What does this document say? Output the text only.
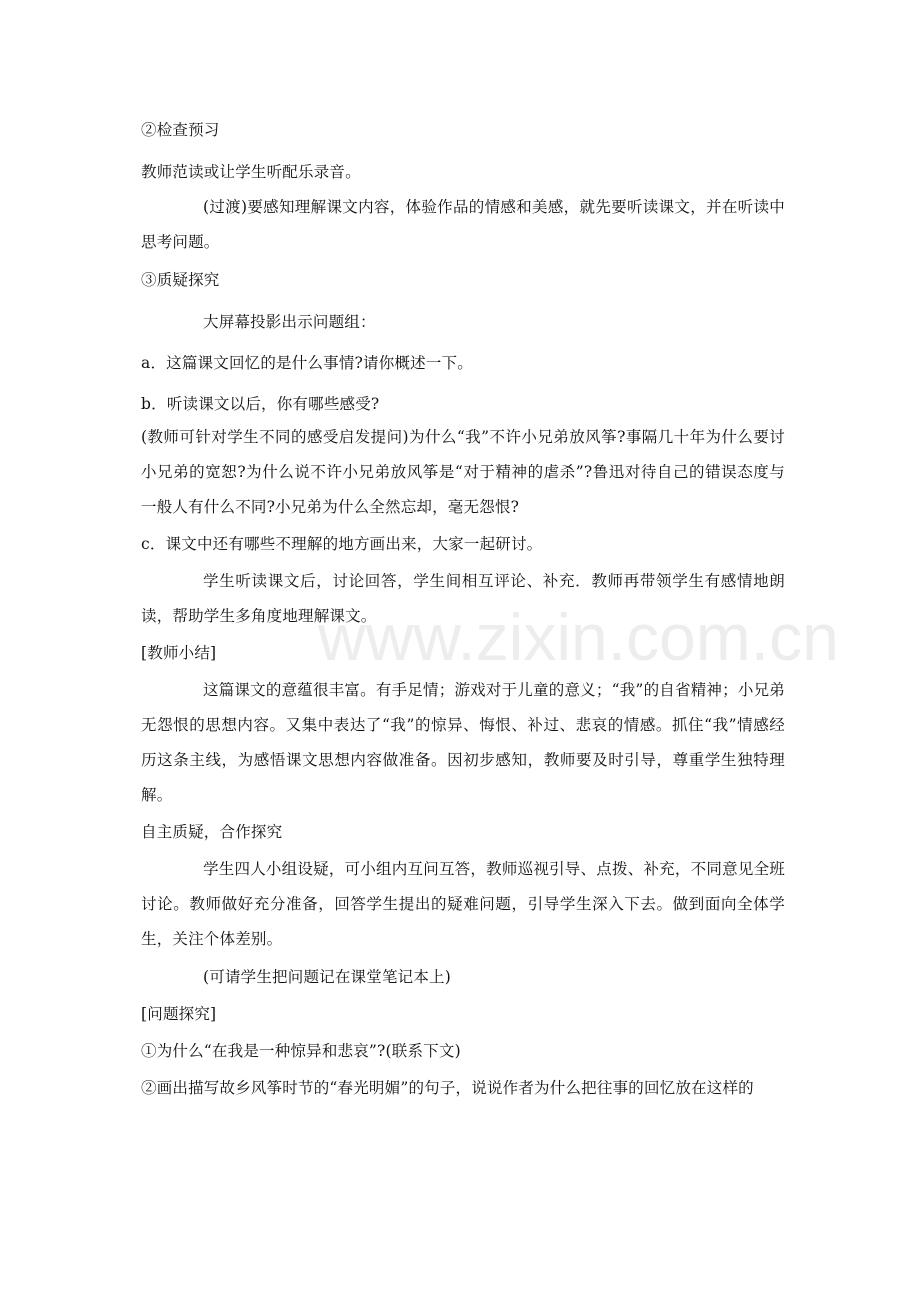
www.zixin.com.cn
②检查预习
教师范读或让学生听配乐录音。
(过渡)要感知理解课文内容，体验作品的情感和美感，就先要听读课文，并在听读中思考问题。
③质疑探究
大屏幕投影出示问题组：
a．这篇课文回忆的是什么事情?请你概述一下。
b．听读课文以后，你有哪些感受?
(教师可针对学生不同的感受启发提问)为什么“我”不许小兄弟放风筝?事隔几十年为什么要讨小兄弟的宽恕?为什么说不许小兄弟放风筝是“对于精神的虐杀”?鲁迅对待自己的错误态度与一般人有什么不同?小兄弟为什么全然忘却，毫无怨恨?
c．课文中还有哪些不理解的地方画出来，大家一起研讨。
学生听读课文后，讨论回答，学生间相互评论、补充．教师再带领学生有感情地朗读，帮助学生多角度地理解课文。
[教师小结]
这篇课文的意蕴很丰富。有手足情；游戏对于儿童的意义；“我”的自省精神；小兄弟无怨恨的思想内容。又集中表达了“我”的惊异、悔恨、补过、悲哀的情感。抓住“我”情感经历这条主线，为感悟课文思想内容做准备。因初步感知，教师要及时引导，尊重学生独特理解。
自主质疑，合作探究
学生四人小组设疑，可小组内互问互答，教师巡视引导、点拨、补充，不同意见全班讨论。教师做好充分准备，回答学生提出的疑难问题，引导学生深入下去。做到面向全体学生，关注个体差别。
(可请学生把问题记在课堂笔记本上)
[问题探究]
①为什么“在我是一种惊异和悲哀”?(联系下文)
②画出描写故乡风筝时节的“春光明媚”的句子，说说作者为什么把往事的回忆放在这样的
